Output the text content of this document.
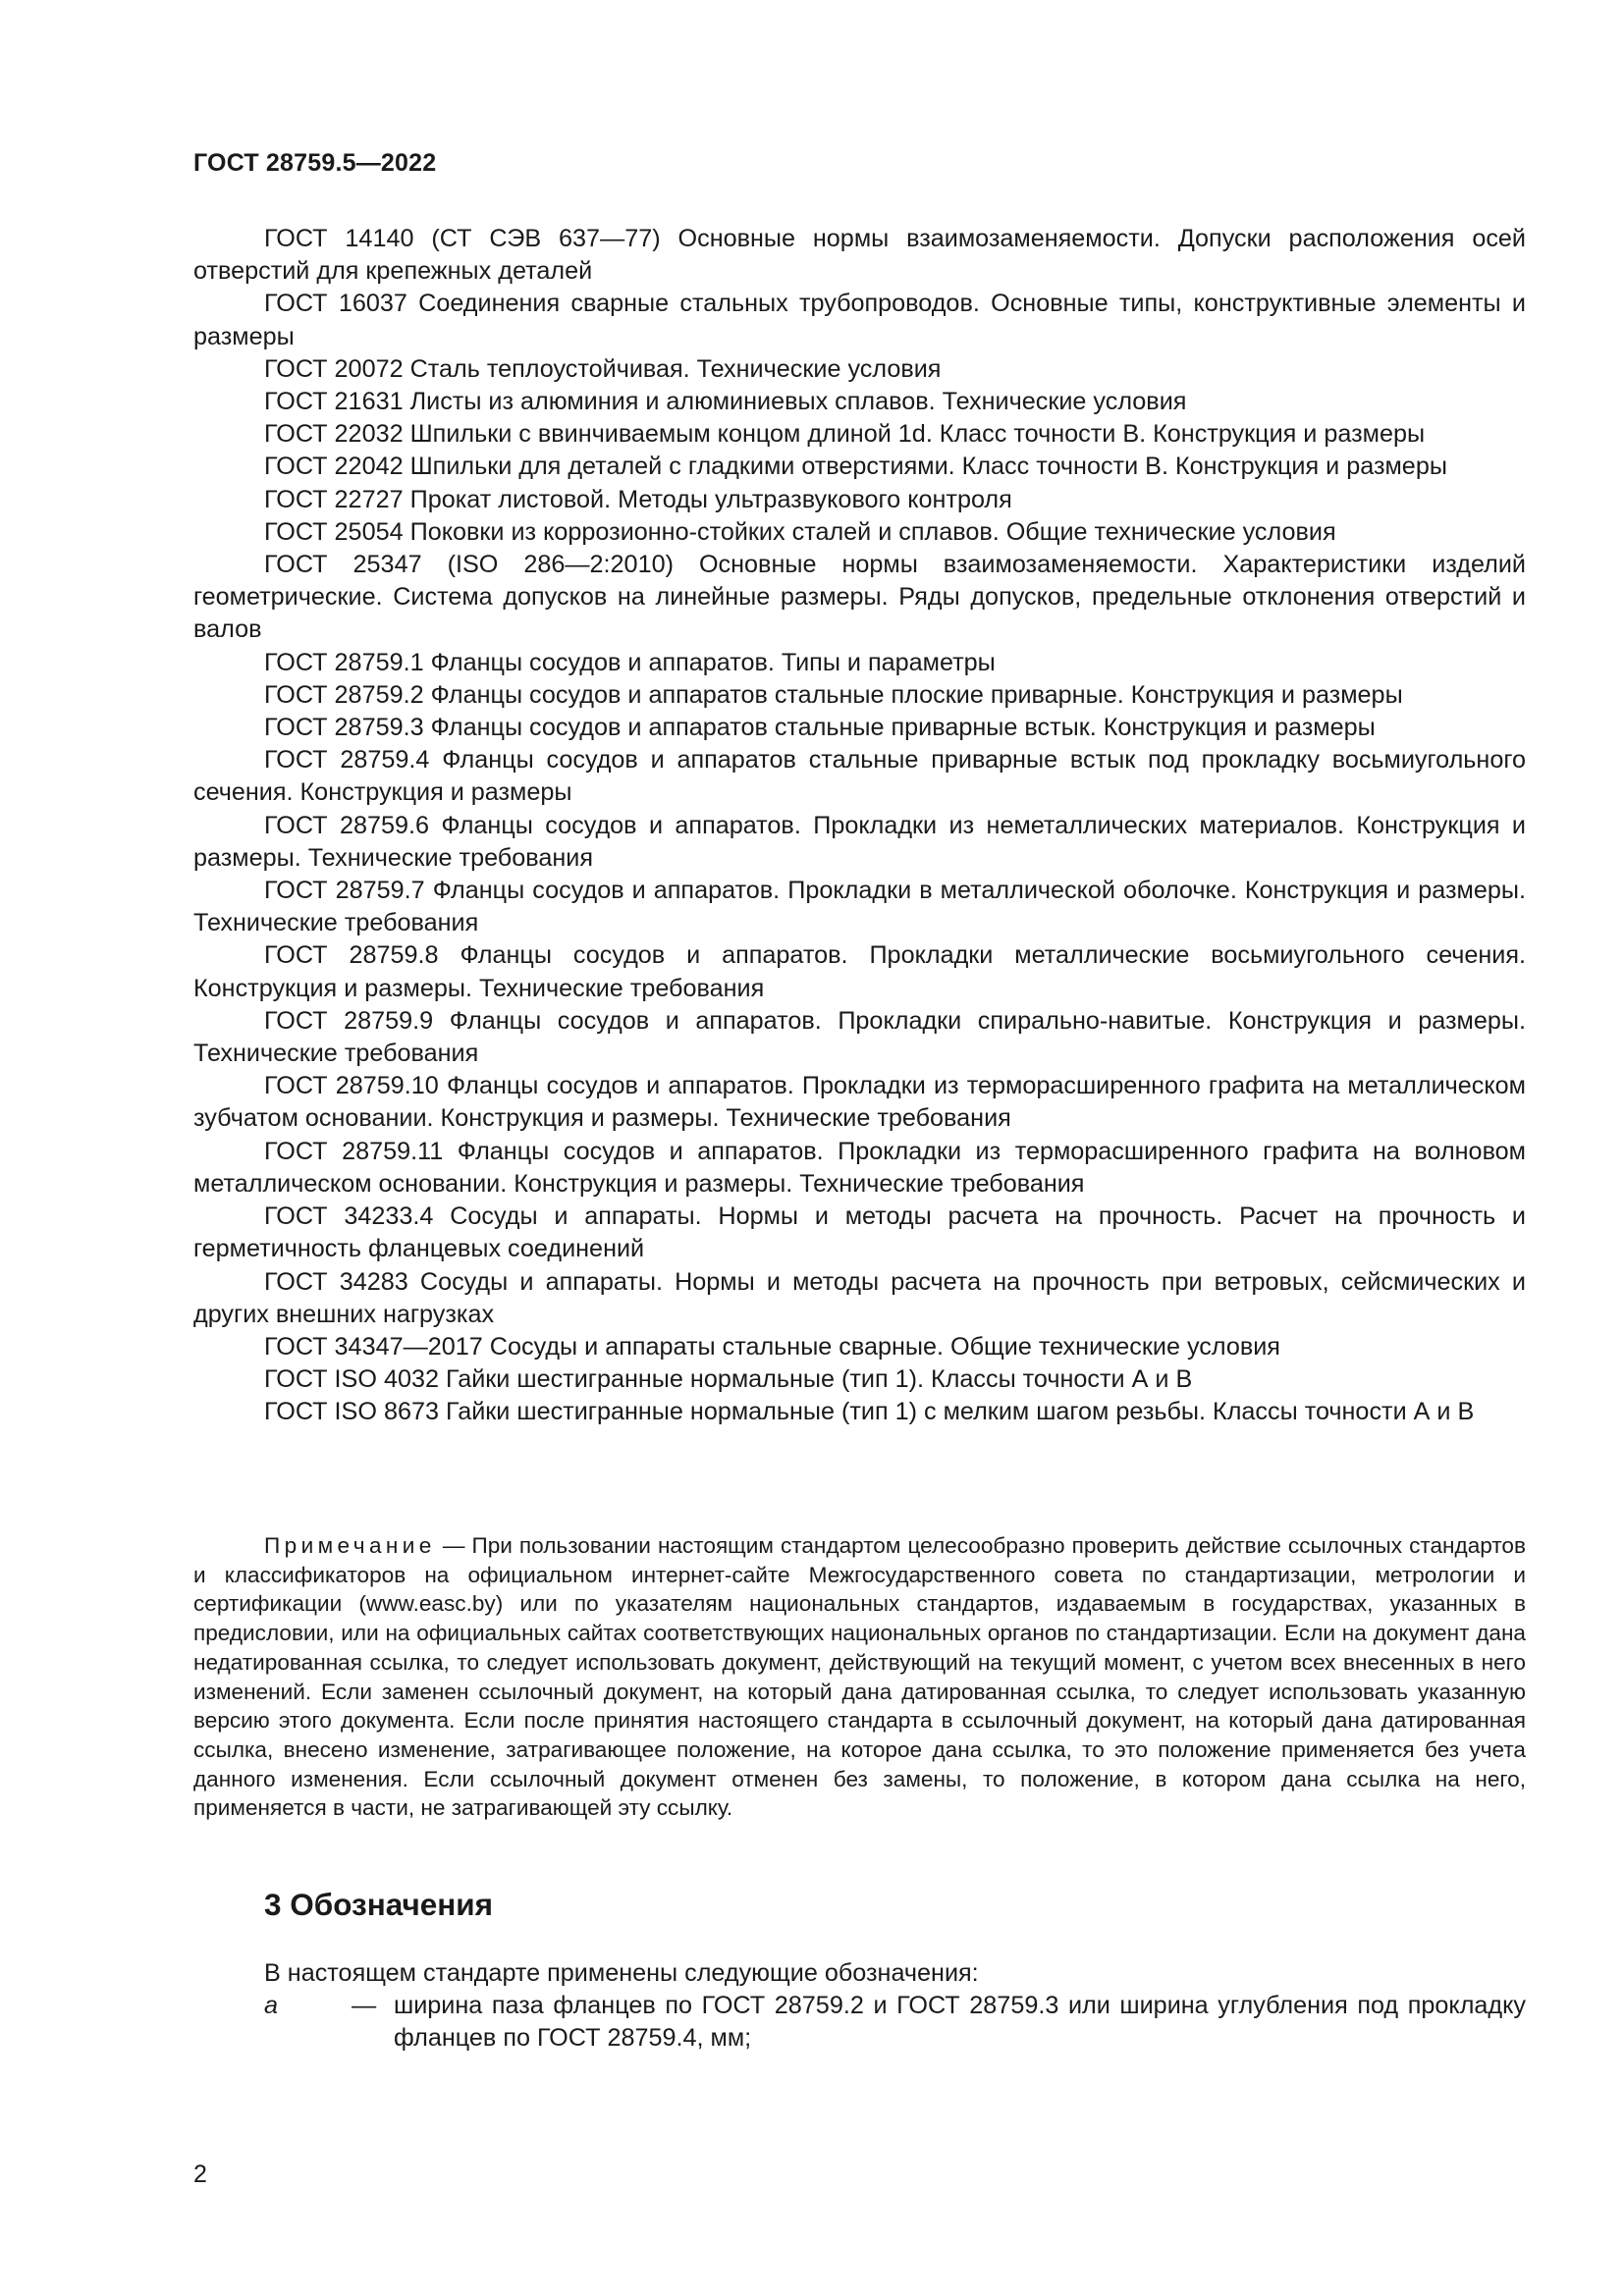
ГОСТ 28759.5—2022

ГОСТ 14140 (СТ СЭВ 637—77) Основные нормы взаимозаменяемости. Допуски расположения осей отверстий для крепежных деталей

ГОСТ 16037 Соединения сварные стальных трубопроводов. Основные типы, конструктивные элементы и размеры

ГОСТ 20072 Сталь теплоустойчивая. Технические условия

ГОСТ 21631 Листы из алюминия и алюминиевых сплавов. Технические условия

ГОСТ 22032 Шпильки с ввинчиваемым концом длиной 1d. Класс точности В. Конструкция и размеры

ГОСТ 22042 Шпильки для деталей с гладкими отверстиями. Класс точности В. Конструкция и размеры

ГОСТ 22727 Прокат листовой. Методы ультразвукового контроля

ГОСТ 25054 Поковки из коррозионно-стойких сталей и сплавов. Общие технические условия

ГОСТ 25347 (ISO 286—2:2010) Основные нормы взаимозаменяемости. Характеристики изделий геометрические. Система допусков на линейные размеры. Ряды допусков, предельные отклонения отверстий и валов

ГОСТ 28759.1 Фланцы сосудов и аппаратов. Типы и параметры

ГОСТ 28759.2 Фланцы сосудов и аппаратов стальные плоские приварные. Конструкция и размеры

ГОСТ 28759.3 Фланцы сосудов и аппаратов стальные приварные встык. Конструкция и размеры

ГОСТ 28759.4 Фланцы сосудов и аппаратов стальные приварные встык под прокладку восьмиугольного сечения. Конструкция и размеры

ГОСТ 28759.6 Фланцы сосудов и аппаратов. Прокладки из неметаллических материалов. Конструкция и размеры. Технические требования

ГОСТ 28759.7 Фланцы сосудов и аппаратов. Прокладки в металлической оболочке. Конструкция и размеры. Технические требования

ГОСТ 28759.8 Фланцы сосудов и аппаратов. Прокладки металлические восьмиугольного сечения. Конструкция и размеры. Технические требования

ГОСТ 28759.9 Фланцы сосудов и аппаратов. Прокладки спирально-навитые. Конструкция и размеры. Технические требования

ГОСТ 28759.10 Фланцы сосудов и аппаратов. Прокладки из терморасширенного графита на металлическом зубчатом основании. Конструкция и размеры. Технические требования

ГОСТ 28759.11 Фланцы сосудов и аппаратов. Прокладки из терморасширенного графита на волновом металлическом основании. Конструкция и размеры. Технические требования

ГОСТ 34233.4 Сосуды и аппараты. Нормы и методы расчета на прочность. Расчет на прочность и герметичность фланцевых соединений

ГОСТ 34283 Сосуды и аппараты. Нормы и методы расчета на прочность при ветровых, сейсмических и других внешних нагрузках

ГОСТ 34347—2017 Сосуды и аппараты стальные сварные. Общие технические условия

ГОСТ ISO 4032 Гайки шестигранные нормальные (тип 1). Классы точности А и В

ГОСТ ISO 8673 Гайки шестигранные нормальные (тип 1) с мелким шагом резьбы. Классы точности А и В

Примечание — При пользовании настоящим стандартом целесообразно проверить действие ссылочных стандартов и классификаторов на официальном интернет-сайте Межгосударственного совета по стандартизации, метрологии и сертификации (www.easc.by) или по указателям национальных стандартов, издаваемым в государствах, указанных в предисловии, или на официальных сайтах соответствующих национальных органов по стандартизации. Если на документ дана недатированная ссылка, то следует использовать документ, действующий на текущий момент, с учетом всех внесенных в него изменений. Если заменен ссылочный документ, на который дана датированная ссылка, то следует использовать указанную версию этого документа. Если после принятия настоящего стандарта в ссылочный документ, на который дана датированная ссылка, внесено изменение, затрагивающее положение, на которое дана ссылка, то это положение применяется без учета данного изменения. Если ссылочный документ отменен без замены, то положение, в котором дана ссылка на него, применяется в части, не затрагивающей эту ссылку.

3 Обозначения
В настоящем стандарте применены следующие обозначения:
a	— ширина паза фланцев по ГОСТ 28759.2 и ГОСТ 28759.3 или ширина углубления под прокладку фланцев по ГОСТ 28759.4, мм;
2
